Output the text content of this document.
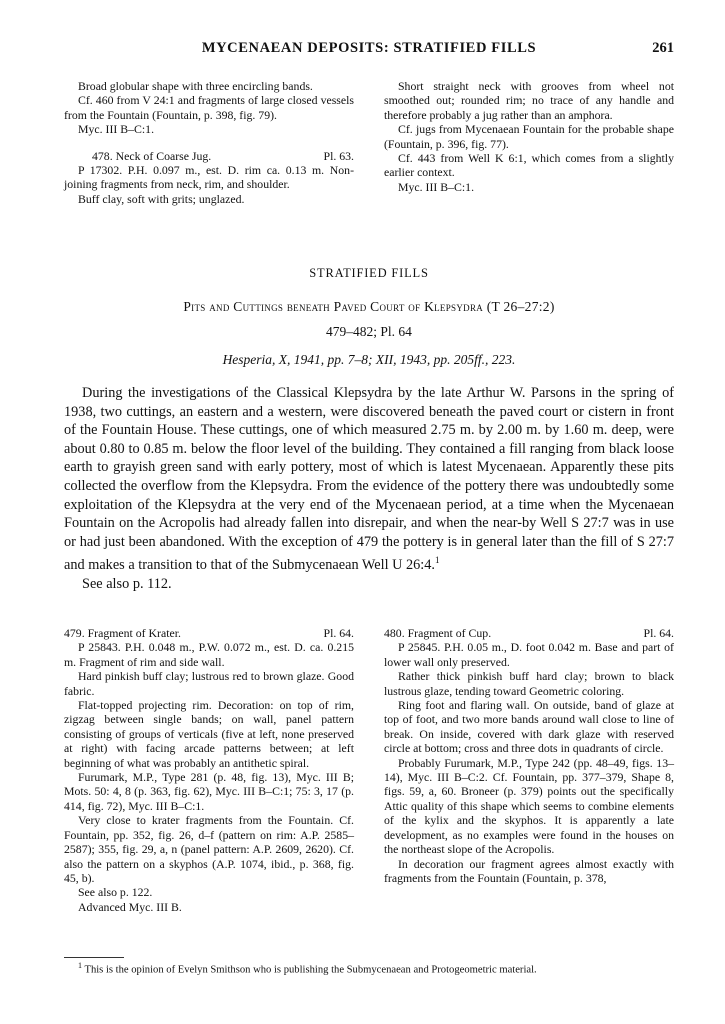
MYCENAEAN DEPOSITS: STRATIFIED FILLS	261

Broad globular shape with three encircling bands.

Cf. 460 from V 24:1 and fragments of large closed vessels from the Fountain (Fountain, p. 398, fig. 79).

Myc. III B–C:1.

478. Neck of Coarse Jug.	Pl. 63.

P 17302. P.H. 0.097 m., est. D. rim ca. 0.13 m. Non-joining fragments from neck, rim, and shoulder.

Buff clay, soft with grits; unglazed.

Short straight neck with grooves from wheel not smoothed out; rounded rim; no trace of any handle and therefore probably a jug rather than an amphora.

Cf. jugs from Mycenaean Fountain for the probable shape (Fountain, p. 396, fig. 77).

Cf. 443 from Well K 6:1, which comes from a slightly earlier context.

Myc. III B–C:1.

STRATIFIED FILLS
Pits and Cuttings beneath Paved Court of Klepsydra (T 26–27:2)
479–482; Pl. 64
Hesperia, X, 1941, pp. 7–8; XII, 1943, pp. 205ff., 223.

During the investigations of the Classical Klepsydra by the late Arthur W. Parsons in the spring of 1938, two cuttings, an eastern and a western, were discovered beneath the paved court or cistern in front of the Fountain House. These cuttings, one of which measured 2.75 m. by 2.00 m. by 1.60 m. deep, were about 0.80 to 0.85 m. below the floor level of the building. They contained a fill ranging from black loose earth to grayish green sand with early pottery, most of which is latest Mycenaean. Apparently these pits collected the overflow from the Klepsydra. From the evidence of the pottery there was undoubtedly some exploitation of the Klepsydra at the very end of the Mycenaean period, at a time when the Mycenaean Fountain on the Acropolis had already fallen into disrepair, and when the near-by Well S 27:7 was in use or had just been abandoned. With the exception of 479 the pottery is in general later than the fill of S 27:7 and makes a transition to that of the Submycenaean Well U 26:4.$^1$

See also p. 112.

479. Fragment of Krater.	Pl. 64.

P 25843. P.H. 0.048 m., P.W. 0.072 m., est. D. ca. 0.215 m. Fragment of rim and side wall.

Hard pinkish buff clay; lustrous red to brown glaze. Good fabric.

Flat-topped projecting rim. Decoration: on top of rim, zigzag between single bands; on wall, panel pattern consisting of groups of verticals (five at left, none preserved at right) with facing arcade patterns between; at left beginning of what was probably an antithetic spiral.

Furumark, M.P., Type 281 (p. 48, fig. 13), Myc. III B; Mots. 50: 4, 8 (p. 363, fig. 62), Myc. III B–C:1; 75: 3, 17 (p. 414, fig. 72), Myc. III B–C:1.

Very close to krater fragments from the Fountain. Cf. Fountain, pp. 352, fig. 26, d–f (pattern on rim: A.P. 2585–2587); 355, fig. 29, a, n (panel pattern: A.P. 2609, 2620). Cf. also the pattern on a skyphos (A.P. 1074, ibid., p. 368, fig. 45, b).

See also p. 122.

Advanced Myc. III B.

480. Fragment of Cup.	Pl. 64.

P 25845. P.H. 0.05 m., D. foot 0.042 m. Base and part of lower wall only preserved.

Rather thick pinkish buff hard clay; brown to black lustrous glaze, tending toward Geometric coloring.

Ring foot and flaring wall. On outside, band of glaze at top of foot, and two more bands around wall close to line of break. On inside, covered with dark glaze with reserved circle at bottom; cross and three dots in quadrants of circle.

Probably Furumark, M.P., Type 242 (pp. 48–49, figs. 13–14), Myc. III B–C:2. Cf. Fountain, pp. 377–379, Shape 8, figs. 59, a, 60. Broneer (p. 379) points out the specifically Attic quality of this shape which seems to combine elements of the kylix and the skyphos. It is apparently a late development, as no examples were found in the houses on the northeast slope of the Acropolis.

In decoration our fragment agrees almost exactly with fragments from the Fountain (Fountain, p. 378,

$^1$ This is the opinion of Evelyn Smithson who is publishing the Submycenaean and Protogeometric material.
